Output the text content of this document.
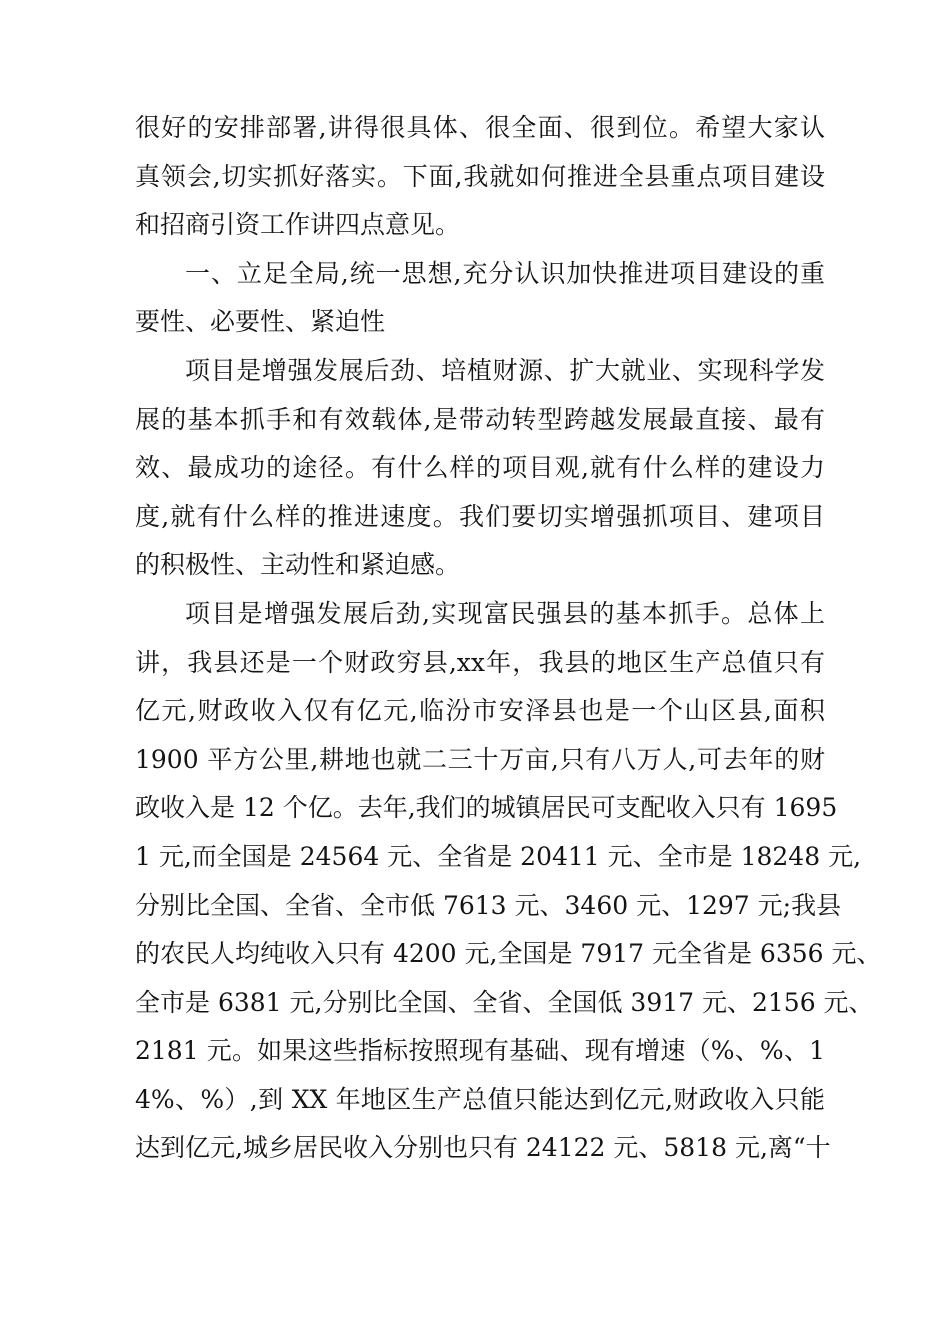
很好的安排部署,讲得很具体、很全面、很到位。希望大家认
真领会,切实抓好落实。下面,我就如何推进全县重点项目建设
和招商引资工作讲四点意见。
一、立足全局,统一思想,充分认识加快推进项目建设的重
要性、必要性、紧迫性
项目是增强发展后劲、培植财源、扩大就业、实现科学发
展的基本抓手和有效载体,是带动转型跨越发展最直接、最有
效、最成功的途径。有什么样的项目观,就有什么样的建设力
度,就有什么样的推进速度。我们要切实增强抓项目、建项目
的积极性、主动性和紧迫感。
项目是增强发展后劲,实现富民强县的基本抓手。总体上
讲，我县还是一个财政穷县,xx年，我县的地区生产总值只有
亿元,财政收入仅有亿元,临汾市安泽县也是一个山区县,面积
1900 平方公里,耕地也就二三十万亩,只有八万人,可去年的财
政收入是 12 个亿。去年,我们的城镇居民可支配收入只有 1695
1 元,而全国是 24564 元、全省是 20411 元、全市是 18248 元,
分别比全国、全省、全市低 7613 元、3460 元、1297 元;我县
的农民人均纯收入只有 4200 元,全国是 7917 元全省是 6356 元、
全市是 6381 元,分别比全国、全省、全国低 3917 元、2156 元、
2181 元。如果这些指标按照现有基础、现有增速（%、%、1
4%、%）,到 XX 年地区生产总值只能达到亿元,财政收入只能
达到亿元,城乡居民收入分别也只有 24122 元、5818 元,离“十
